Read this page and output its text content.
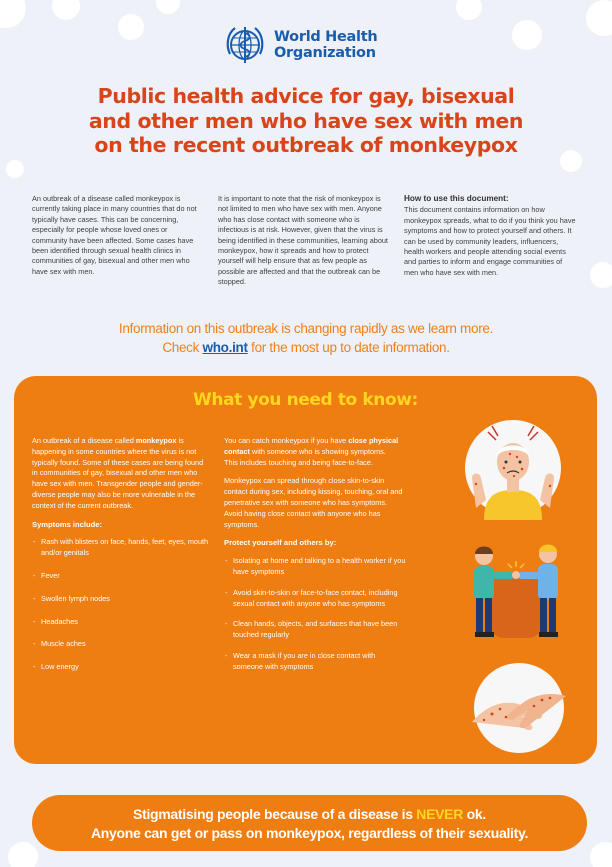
World Health
Organization
Public health advice for gay, bisexual
and other men who have sex with men
on the recent outbreak of monkeypox

An outbreak of a disease called monkeypox is currently taking place in many countries that do not typically have cases. This can be concerning, especially for people whose loved ones or community have been affected. Some cases have been identified through sexual health clinics in communities of gay, bisexual and other men who have sex with men.

It is important to note that the risk of monkeypox is not limited to men who have sex with men. Anyone who has close contact with someone who is infectious is at risk. However, given that the virus is being identified in these communities, learning about monkeypox, how it spreads and how to protect yourself will help ensure that as few people as possible are affected and that the outbreak can be stopped.

How to use this document:

This document contains information on how monkeypox spreads, what to do if you think you have symptoms and how to protect yourself and others. It can be used by community leaders, influencers, health workers and people attending social events and parties to inform and engage communities of men who have sex with men.

Information on this outbreak is changing rapidly as we learn more.
Check who.int for the most up to date information.
What you need to know:

An outbreak of a disease called monkeypox is happening in some countries where the virus is not typically found. Some of these cases are being found in communities of gay, bisexual and other men who have sex with men. Transgender people and gender-diverse people may also be more vulnerable in the context of the current outbreak.

Symptoms include:
- Rash with blisters on face, hands, feet, eyes, mouth and/or genitals
- Fever
- Swollen lymph nodes
- Headaches
- Muscle aches
- Low energy

You can catch monkeypox if you have close physical contact with someone who is showing symptoms.
This includes touching and being face-to-face.

Monkeypox can spread through close skin-to-skin contact during sex, including kissing, touching, oral and penetrative sex with someone who has symptoms. Avoid having close contact with anyone who has symptoms.

Protect yourself and others by:
- Isolating at home and talking to a health worker if you have symptoms
- Avoid skin-to-skin or face-to-face contact, including sexual contact with anyone who has symptoms
- Clean hands, objects, and surfaces that have been touched regularly
- Wear a mask if you are in close contact with someone with symptoms
Stigmatising people because of a disease is NEVER ok.
Anyone can get or pass on monkeypox, regardless of their sexuality.
